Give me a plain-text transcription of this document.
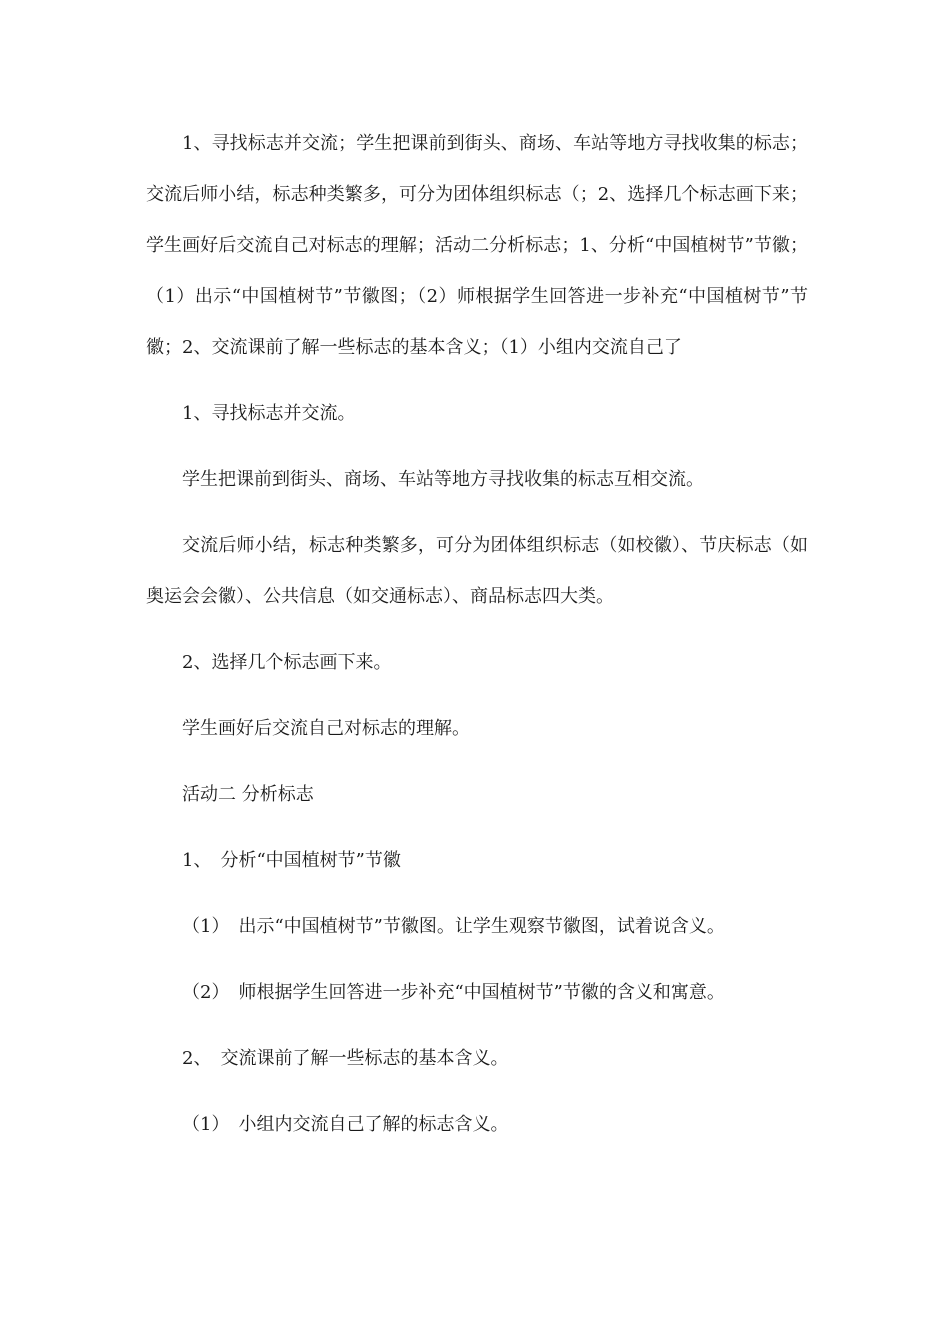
1、寻找标志并交流；学生把课前到街头、商场、车站等地方寻找收集的标志；交流后师小结，标志种类繁多，可分为团体组织标志（；2、选择几个标志画下来；学生画好后交流自己对标志的理解；活动二分析标志；1、分析“中国植树节”节徽；（1）出示“中国植树节”节徽图；（2）师根据学生回答进一步补充“中国植树节”节徽；2、交流课前了解一些标志的基本含义；（1）小组内交流自己了

1、寻找标志并交流。

学生把课前到街头、商场、车站等地方寻找收集的标志互相交流。

交流后师小结，标志种类繁多，可分为团体组织标志（如校徽）、节庆标志（如奥运会会徽）、公共信息（如交通标志）、商品标志四大类。

2、选择几个标志画下来。

学生画好后交流自己对标志的理解。

活动二 分析标志

1、　分析“中国植树节”节徽

（1）　出示“中国植树节”节徽图。让学生观察节徽图，试着说含义。

（2）　师根据学生回答进一步补充“中国植树节”节徽的含义和寓意。

2、　交流课前了解一些标志的基本含义。

（1）　小组内交流自己了解的标志含义。
